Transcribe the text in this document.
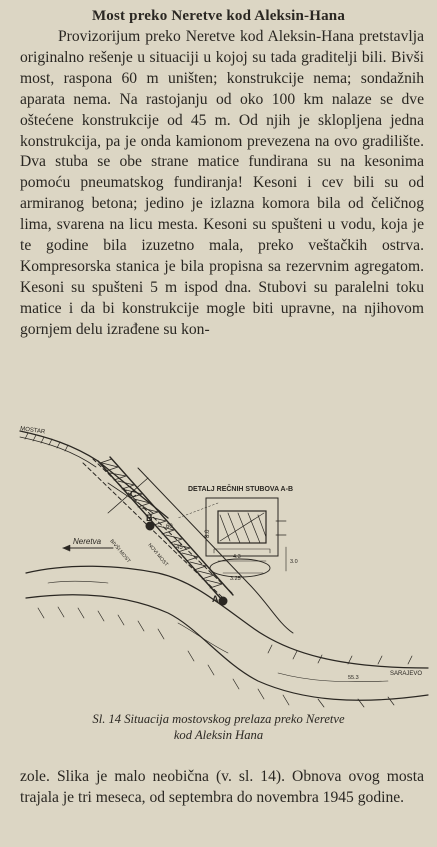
Most preko Neretve kod Aleksin-Hana

Provizorijum preko Neretve kod Aleksin-Hana pretstavlja originalno rešenje u situaciji u kojoj su tada graditelji bili. Bivši most, raspona 60 m uništen; konstrukcije nema; sondažnih aparata nema. Na rastojanju od oko 100 km nalaze se dve oštećene konstrukcije od 45 m. Od njih je sklopljena jedna konstrukcija, pa je onda kamionom prevezena na ovo gradilište. Dva stuba se obe strane matice fundirana su na kesonima pomoću pneumatskog fundiranja! Kesoni i cev bili su od armiranog betona; jedino je izlazna komora bila od čeličnog lima, svarena na licu mesta. Kesoni su spušteni u vodu, koja je te godine bila izuzetno mala, preko veštačkih ostrva. Kompresorska stanica je bila propisna sa rezervnim agregatom. Kesoni su spušteni 5 m ispod dna. Stubovi su paralelni toku matice i da bi konstrukcije mogle biti upravne, na njihovom gornjem delu izrađene su kon-

MOSTAR
SARAJEVO
Neretva
DETALJ REČNIH STUBOVA A-B
A
B
C
NOVI MOST
BIVŠI MOST
60
45
8.0
4.3
3.25
3.0
55.3
Sl. 14 Situacija mostovskog prelaza preko Neretve
kod Aleksin Hana

zole. Slika je malo neobična (v. sl. 14). Obnova ovog mosta trajala je tri meseca, od septembra do novembra 1945 godine.
